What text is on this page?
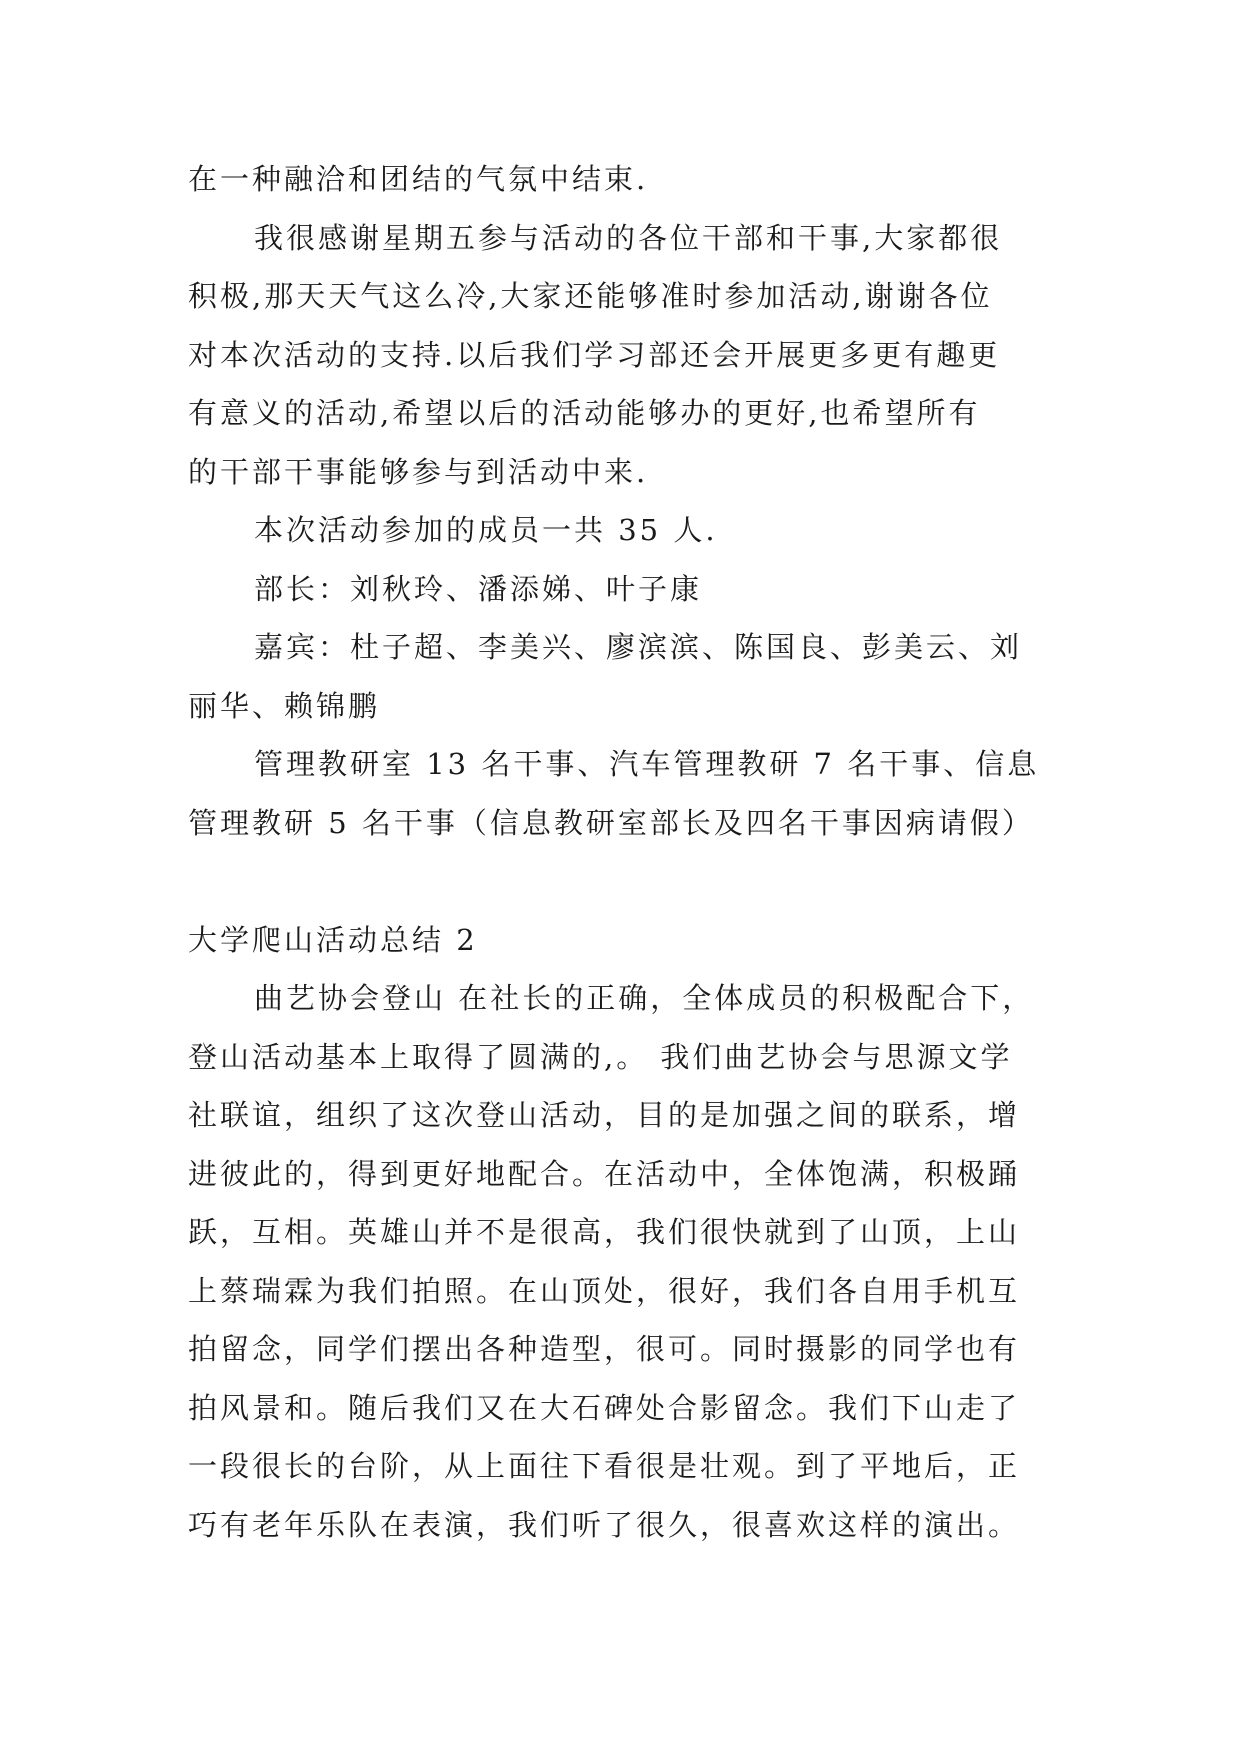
在一种融洽和团结的气氛中结束.

我很感谢星期五参与活动的各位干部和干事,大家都很

积极,那天天气这么冷,大家还能够准时参加活动,谢谢各位

对本次活动的支持.以后我们学习部还会开展更多更有趣更

有意义的活动,希望以后的活动能够办的更好,也希望所有

的干部干事能够参与到活动中来.

本次活动参加的成员一共 35 人.

部长：刘秋玲、潘添娣、叶子康

嘉宾：杜子超、李美兴、廖滨滨、陈国良、彭美云、刘

丽华、赖锦鹏

管理教研室 13 名干事、汽车管理教研 7 名干事、信息

管理教研 5 名干事（信息教研室部长及四名干事因病请假）

大学爬山活动总结 2

曲艺协会登山 在社长的正确，全体成员的积极配合下，

登山活动基本上取得了圆满的,。 我们曲艺协会与思源文学

社联谊，组织了这次登山活动，目的是加强之间的联系，增

进彼此的，得到更好地配合。在活动中，全体饱满，积极踊

跃，互相。英雄山并不是很高，我们很快就到了山顶，上山

上蔡瑞霖为我们拍照。在山顶处，很好，我们各自用手机互

拍留念，同学们摆出各种造型，很可。同时摄影的同学也有

拍风景和。随后我们又在大石碑处合影留念。我们下山走了

一段很长的台阶，从上面往下看很是壮观。到了平地后，正

巧有老年乐队在表演，我们听了很久，很喜欢这样的演出。
